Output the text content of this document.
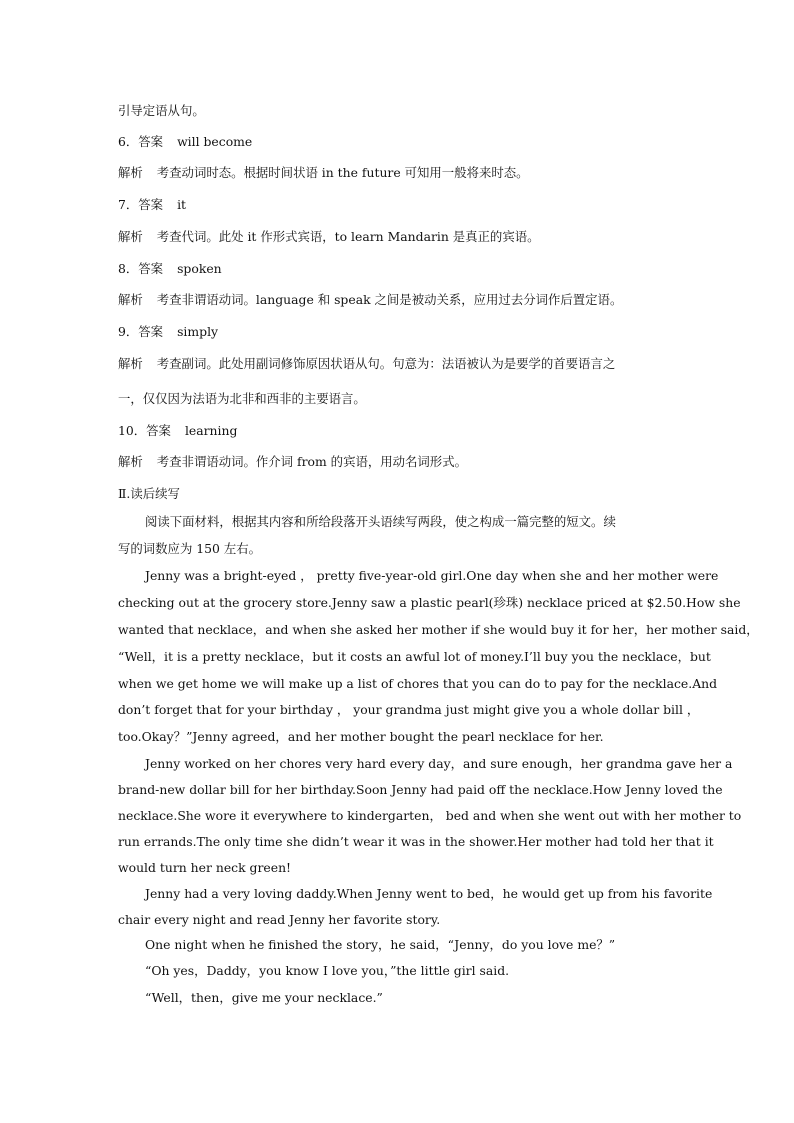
引导定语从句。
6．答案 will become
解析 考查动词时态。根据时间状语 in the future 可知用一般将来时态。
7．答案 it
解析 考查代词。此处 it 作形式宾语，to learn Mandarin 是真正的宾语。
8．答案 spoken
解析 考查非谓语动词。language 和 speak 之间是被动关系，应用过去分词作后置定语。
9．答案 simply
解析 考查副词。此处用副词修饰原因状语从句。句意为：法语被认为是要学的首要语言之
一，仅仅因为法语为北非和西非的主要语言。
10．答案 learning
解析 考查非谓语动词。作介词 from 的宾语，用动名词形式。
Ⅱ.读后续写
阅读下面材料，根据其内容和所给段落开头语续写两段，使之构成一篇完整的短文。续
写的词数应为 150 左右。
Jenny was a bright-eyed ， pretty five-year-old girl.One day when she and her mother were
checking out at the grocery store.Jenny saw a plastic pearl(珍珠) necklace priced at $2.50.How she
wanted that necklace，and when she asked her mother if she would buy it for her，her mother said，
“Well，it is a pretty necklace，but it costs an awful lot of money.I’ll buy you the necklace，but
when we get home we will make up a list of chores that you can do to pay for the necklace.And
don’t forget that for your birthday ， your grandma just might give you a whole dollar bill ，
too.Okay？”Jenny agreed，and her mother bought the pearl necklace for her.
Jenny worked on her chores very hard every day，and sure enough，her grandma gave her a
brand-new dollar bill for her birthday.Soon Jenny had paid off the necklace.How Jenny loved the
necklace.She wore it everywhere to kindergarten， bed and when she went out with her mother to
run errands.The only time she didn’t wear it was in the shower.Her mother had told her that it
would turn her neck green!
Jenny had a very loving daddy.When Jenny went to bed，he would get up from his favorite
chair every night and read Jenny her favorite story.
One night when he finished the story，he said，“Jenny，do you love me？”
“Oh yes，Daddy，you know I love you，”the little girl said.
“Well，then，give me your necklace.”
